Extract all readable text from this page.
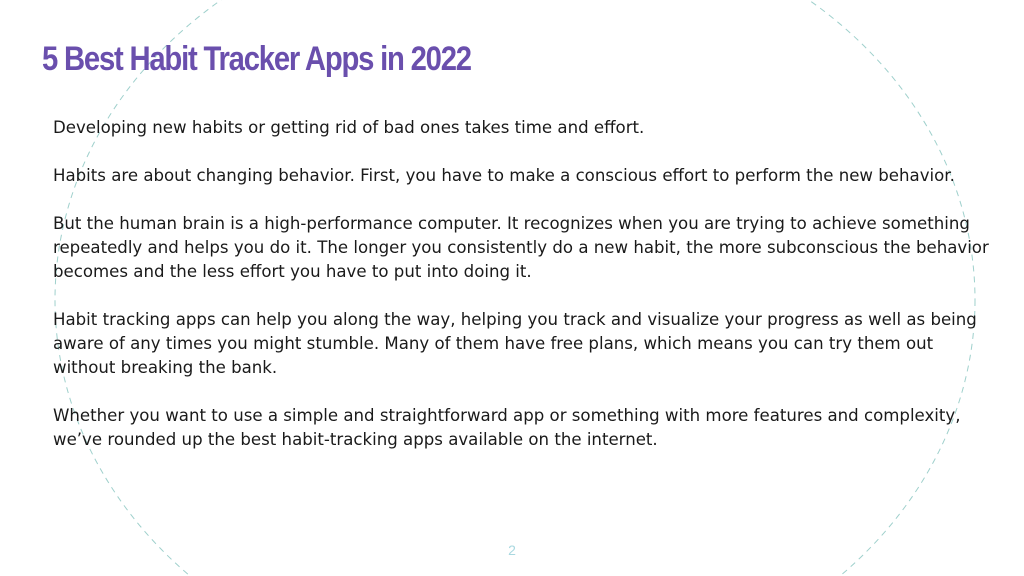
5 Best Habit Tracker Apps in 2022

Developing new habits or getting rid of bad ones takes time and effort.

Habits are about changing behavior. First, you have to make a conscious effort to perform the new behavior.

But the human brain is a high-performance computer. It recognizes when you are trying to achieve something repeatedly and helps you do it. The longer you consistently do a new habit, the more subconscious the behavior becomes and the less effort you have to put into doing it.

Habit tracking apps can help you along the way, helping you track and visualize your progress as well as being aware of any times you might stumble. Many of them have free plans, which means you can try them out without breaking the bank.

Whether you want to use a simple and straightforward app or something with more features and complexity, we’ve rounded up the best habit-tracking apps available on the internet.

2
